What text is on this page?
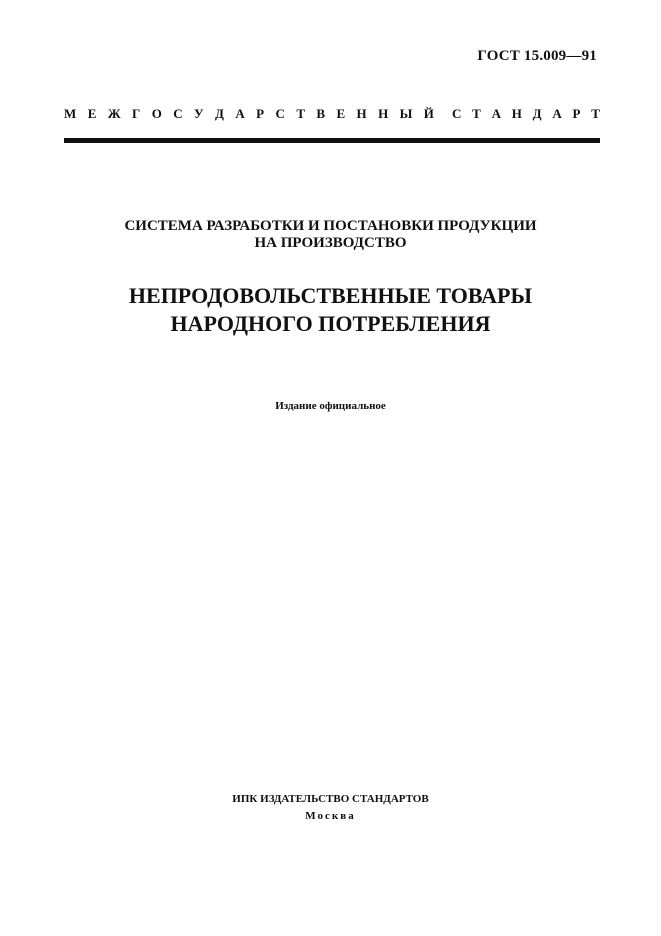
ГОСТ 15.009—91
М Е Ж Г О С У Д А Р С Т В Е Н Н Ы Й С Т А Н Д А Р Т
СИСТЕМА РАЗРАБОТКИ И ПОСТАНОВКИ ПРОДУКЦИИ
НА ПРОИЗВОДСТВО
НЕПРОДОВОЛЬСТВЕННЫЕ ТОВАРЫ
НАРОДНОГО ПОТРЕБЛЕНИЯ
Издание официальное
ИПК ИЗДАТЕЛЬСТВО СТАНДАРТОВ
Москва
